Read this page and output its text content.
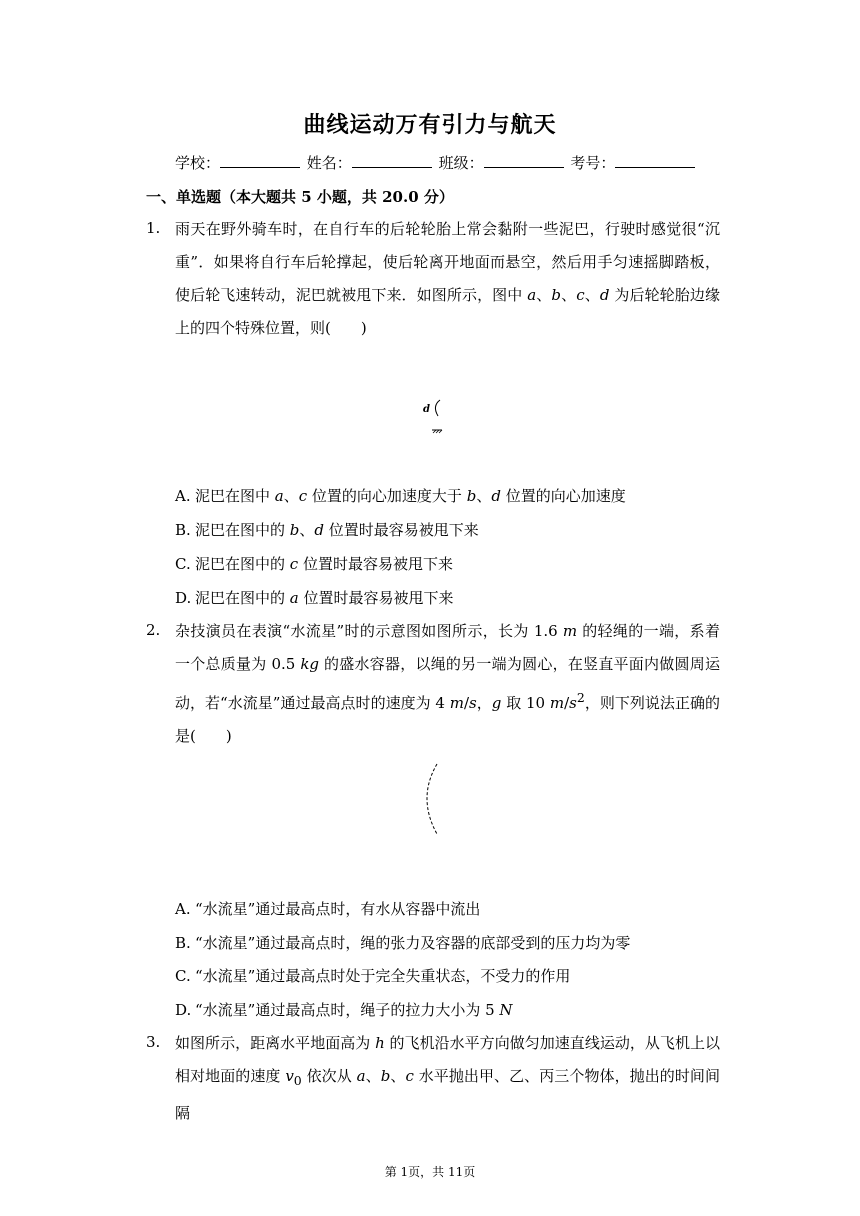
曲线运动万有引力与航天
学校：	姓名：	班级：	考号：
一、单选题（本大题共 5 小题，共 20.0 分）
1. 雨天在野外骑车时，在自行车的后轮轮胎上常会黏附一些泥巴，行驶时感觉很“沉重”．如果将自行车后轮撑起，使后轮离开地面而悬空，然后用手匀速摇脚踏板，使后轮飞速转动，泥巴就被甩下来．如图所示，图中 a、b、c、d 为后轮轮胎边缘上的四个特殊位置，则(　　)
d
A. 泥巴在图中 a、c 位置的向心加速度大于 b、d 位置的向心加速度
B. 泥巴在图中的 b、d 位置时最容易被甩下来
C. 泥巴在图中的 c 位置时最容易被甩下来
D. 泥巴在图中的 a 位置时最容易被甩下来
2. 杂技演员在表演“水流星”时的示意图如图所示，长为 1.6 m 的轻绳的一端，系着一个总质量为 0.5 kg 的盛水容器，以绳的另一端为圆心，在竖直平面内做圆周运动，若“水流星”通过最高点时的速度为 4 m/s，g 取 10 $m/s^2$，则下列说法正确的是(　　)
A. “水流星”通过最高点时，有水从容器中流出
B. “水流星”通过最高点时，绳的张力及容器的底部受到的压力均为零
C. “水流星”通过最高点时处于完全失重状态，不受力的作用
D. “水流星”通过最高点时，绳子的拉力大小为 5 N
3. 如图所示，距离水平地面高为 h 的飞机沿水平方向做匀加速直线运动，从飞机上以相对地面的速度 $v_0$ 依次从 a、b、c 水平抛出甲、乙、丙三个物体，抛出的时间间隔
第 1页，共 11页
